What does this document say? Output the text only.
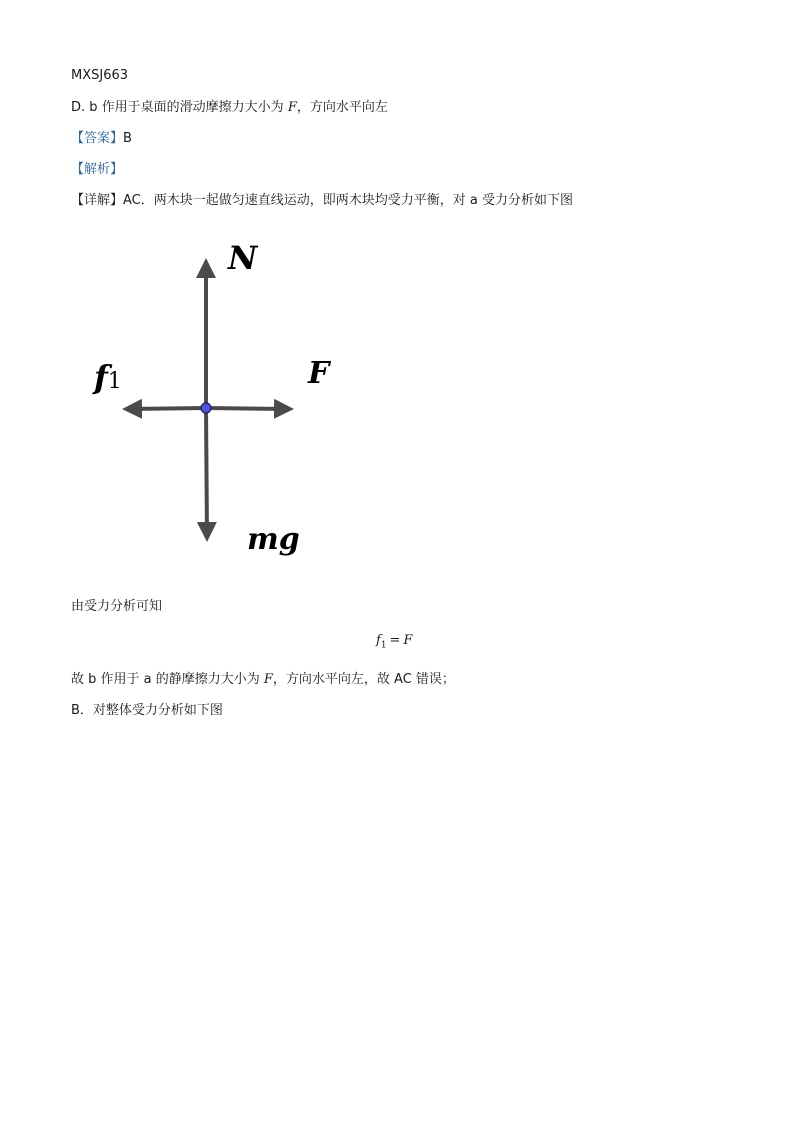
MXSJ663
D. b 作用于桌面的滑动摩擦力大小为 F，方向水平向左
【答案】B
【解析】
【详解】AC．两木块一起做匀速直线运动，即两木块均受力平衡，对 a 受力分析如下图
N
F
f1
mg
由受力分析可知
$f_1 = F$
故 b 作用于 a 的静摩擦力大小为 F，方向水平向左，故 AC 错误；
B．对整体受力分析如下图
